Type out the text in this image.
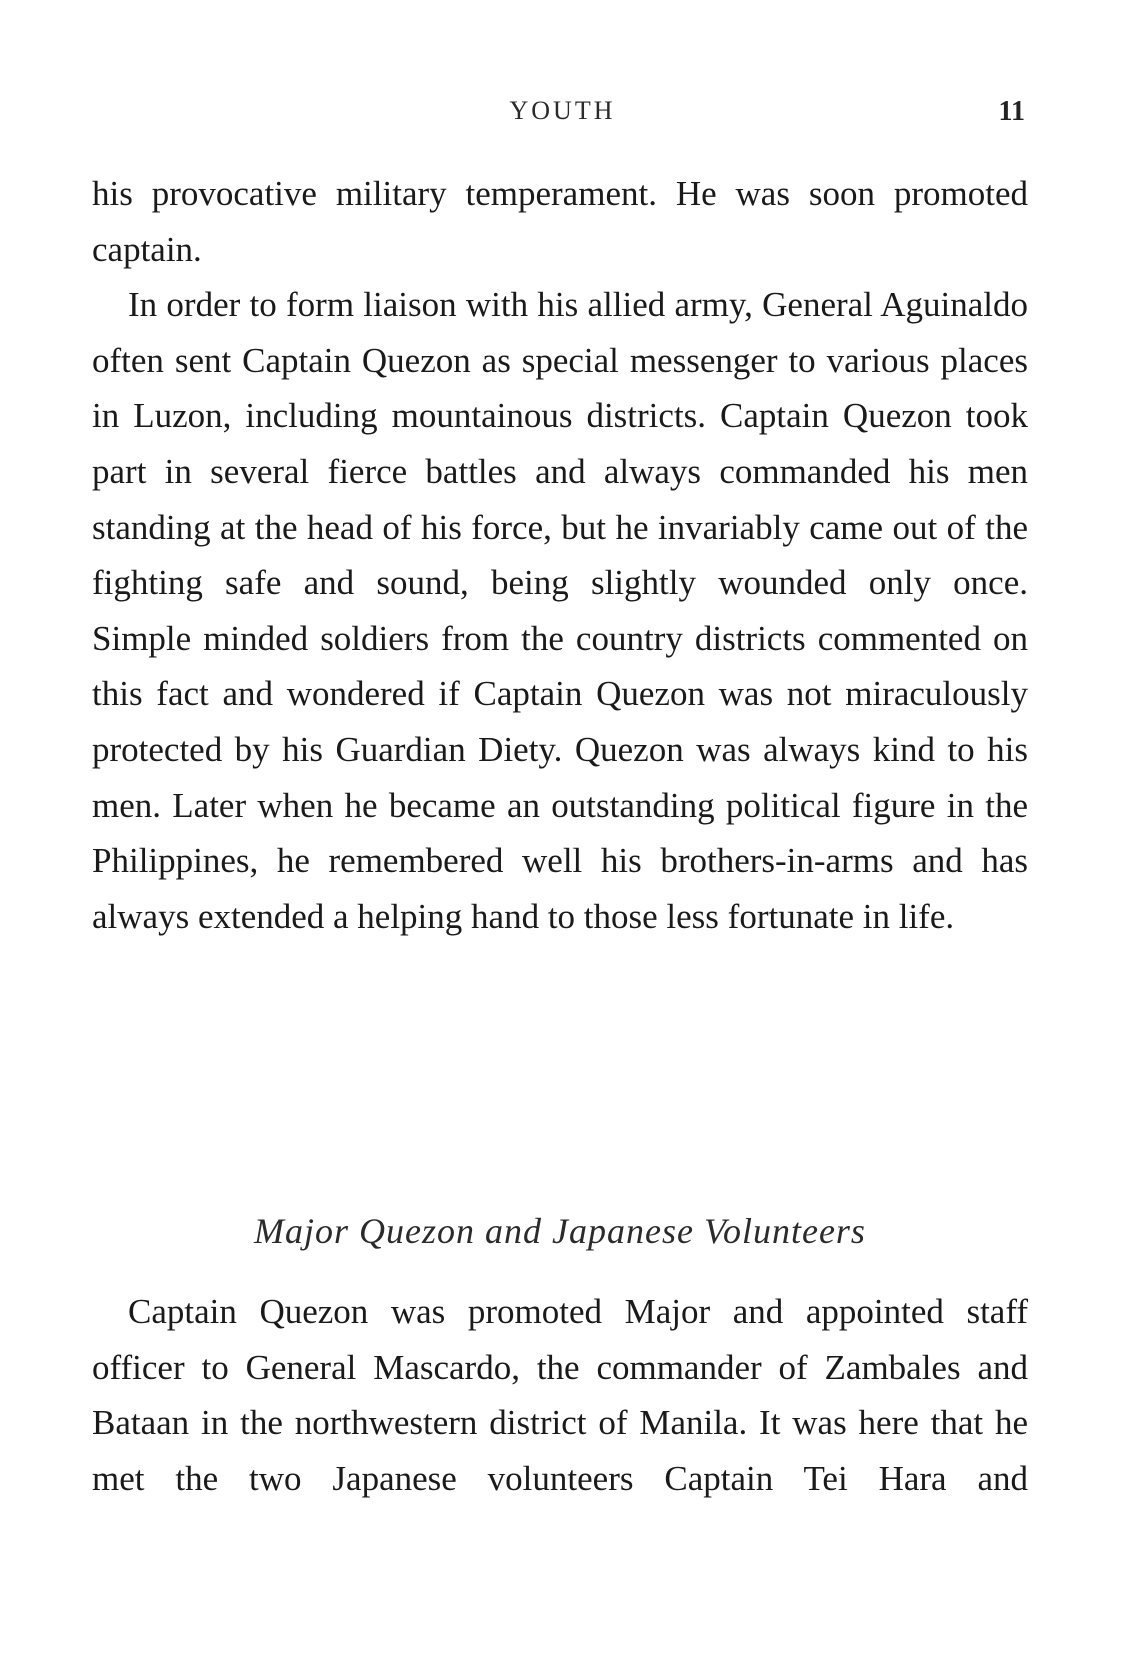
YOUTH	11

his provocative military temperament. He was soon promoted captain.

In order to form liaison with his allied army, General Aguinaldo often sent Captain Quezon as special messenger to various places in Luzon, including mountainous districts. Captain Quezon took part in several fierce battles and always commanded his men standing at the head of his force, but he invariably came out of the fighting safe and sound, being slightly wounded only once. Simple minded soldiers from the country districts commented on this fact and wondered if Captain Quezon was not miraculously protected by his Guardian Diety. Quezon was always kind to his men. Later when he became an outstanding political figure in the Philippines, he remembered well his brothers-in-arms and has always extended a helping hand to those less fortunate in life.

Major Quezon and Japanese Volunteers

Captain Quezon was promoted Major and appointed staff officer to General Mascardo, the commander of Zambales and Bataan in the northwestern district of Manila. It was here that he met the two Japanese volunteers Captain Tei Hara and
